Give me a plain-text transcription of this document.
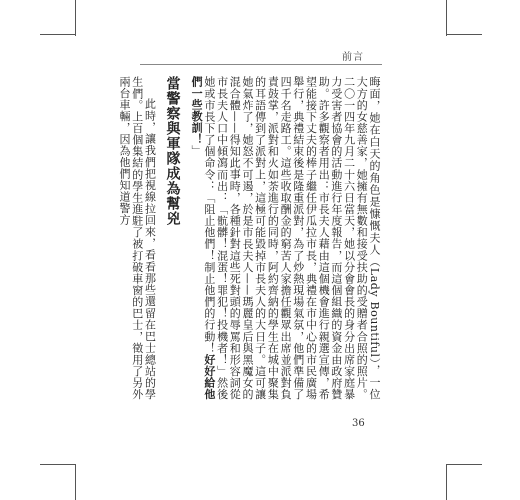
前言

晦面，她在白天的角色是慷慨夫人（Lady Bountiful），一位大方的女慈善家，她擁有無數和接受扶助的受贈者合照的照片。二〇一四年九月二十六日當天，她以分會會長的身分出席家庭暴力受害者協會的活動進行年度報告，而這個組織的資金由政府贊助。許多觀察者用出：市長夫人藉由這個機會進行親選宣傳，希望能接下丈夫的棒子繼任伊瓜拉市長，典禮在市中心的市民廣場舉行，典禮結束後是隆重派對，為了炒熱現場氣氛，他們準備了四千名走路工。這些收取酬金的窮苦人家擔任觀眾出席並派對負責鼓掌，派對和火如荼進行的同時，阿約齊納的學生在城中聚集的耳語傳到了派對上，這極可能毀掉市長夫人的大日子。這可讓她氣炸了，她怒不可遏，於是市長夫人——瑪麗皇后與黑魔女的混合體——得知此事時，各種針對這些死對頭的辱罵和形容詞從市長夫人口中傾瀉而出：「骯髒！混蛋！罪犯！投機者！」然後她或市長下了個命令：「阻止他們！制止他們的行動！好好給他們一些教訓！」

當警察與軍隊成為幫兇

此時，讓我們把視線拉回來，看看那些還留在巴士總站的學生們。上百個集結的學生進駐了被打破車窗的巴士，徵用了另外兩台車輛，因為他們知道警方

36
